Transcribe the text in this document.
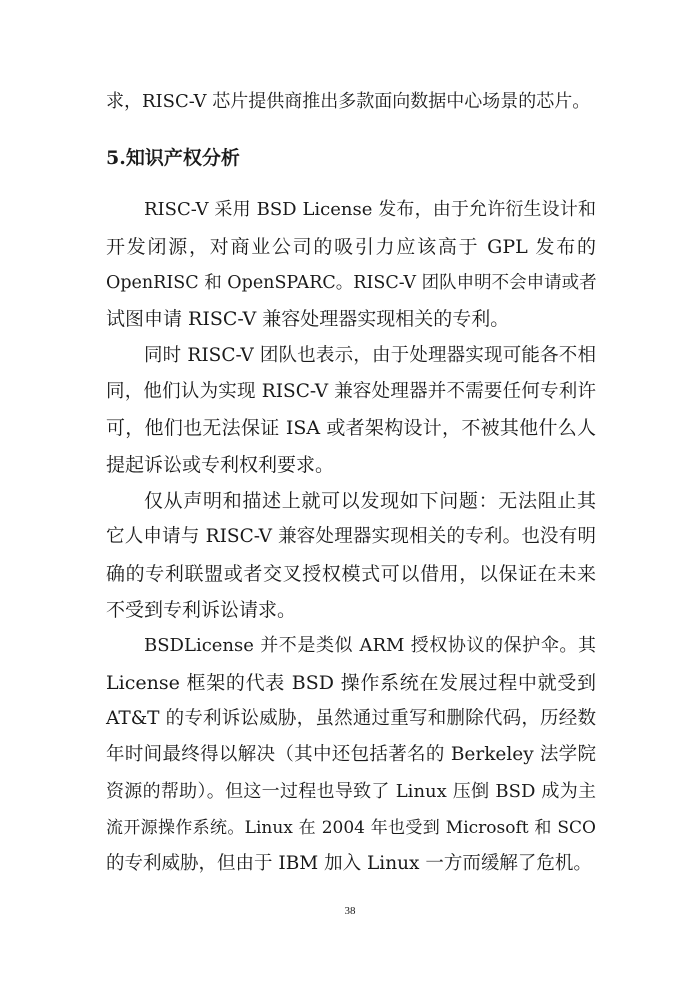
求，RISC-V 芯片提供商推出多款面向数据中心场景的芯片。
5.知识产权分析
RISC-V 采用 BSD License 发布，由于允许衍生设计和
开发闭源，对商业公司的吸引力应该高于 GPL 发布的
OpenRISC 和 OpenSPARC。RISC-V 团队申明不会申请或者
试图申请 RISC-V 兼容处理器实现相关的专利。
同时 RISC-V 团队也表示，由于处理器实现可能各不相
同，他们认为实现 RISC-V 兼容处理器并不需要任何专利许
可，他们也无法保证 ISA 或者架构设计，不被其他什么人
提起诉讼或专利权利要求。
仅从声明和描述上就可以发现如下问题：无法阻止其
它人申请与 RISC-V 兼容处理器实现相关的专利。也没有明
确的专利联盟或者交叉授权模式可以借用，以保证在未来
不受到专利诉讼请求。
BSDLicense 并不是类似 ARM 授权协议的保护伞。其
License 框架的代表 BSD 操作系统在发展过程中就受到
AT&T 的专利诉讼威胁，虽然通过重写和删除代码，历经数
年时间最终得以解决（其中还包括著名的 Berkeley 法学院
资源的帮助）。但这一过程也导致了 Linux 压倒 BSD 成为主
流开源操作系统。Linux 在 2004 年也受到 Microsoft 和 SCO
的专利威胁，但由于 IBM 加入 Linux 一方而缓解了危机。
38
